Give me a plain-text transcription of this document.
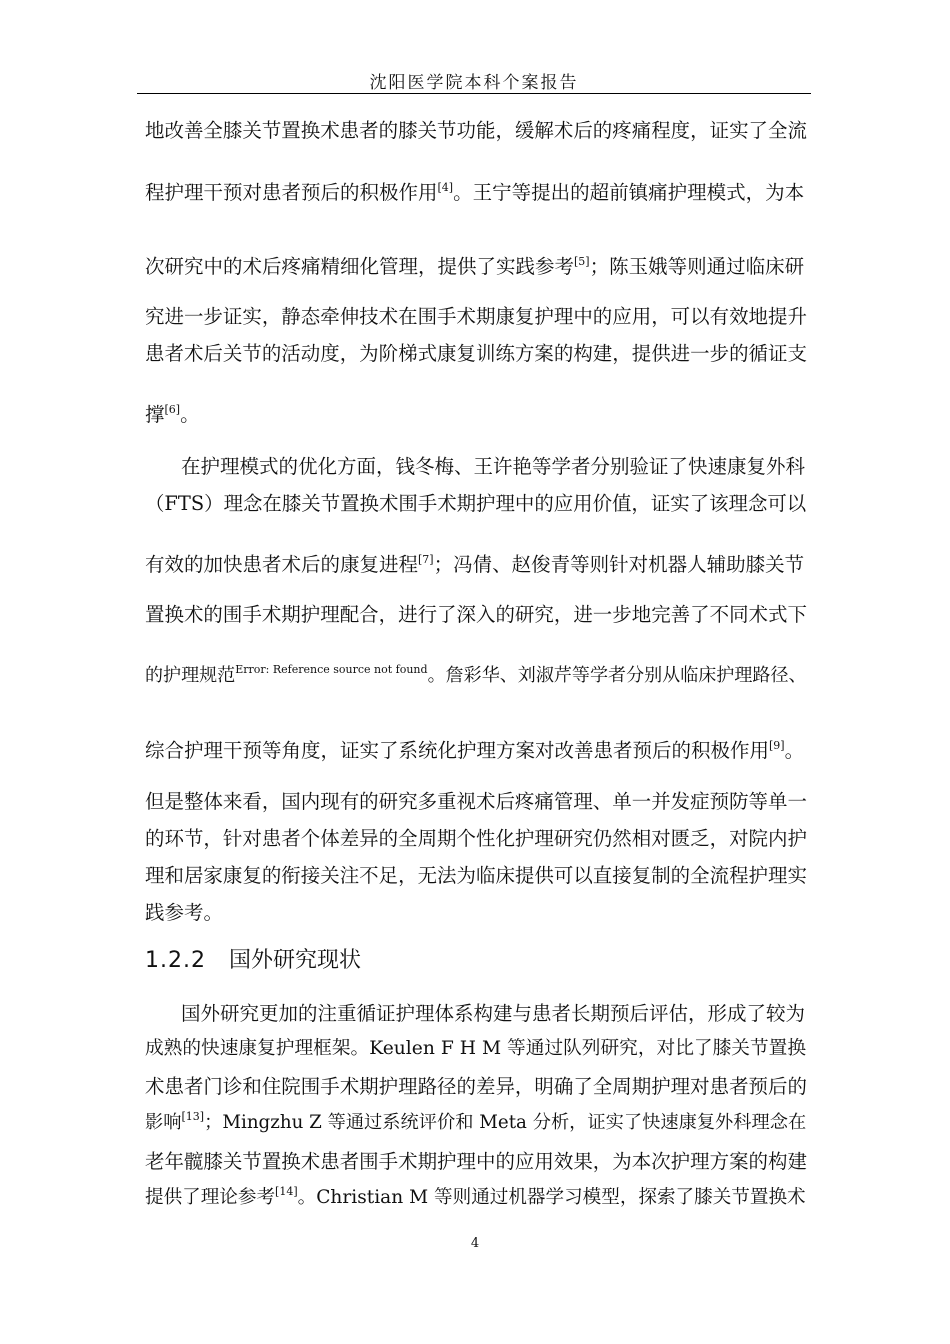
沈阳医学院本科个案报告
地改善全膝关节置换术患者的膝关节功能，缓解术后的疼痛程度，证实了全流
程护理干预对患者预后的积极作用[4]。王宁等提出的超前镇痛护理模式，为本
次研究中的术后疼痛精细化管理，提供了实践参考[5]；陈玉娥等则通过临床研
究进一步证实，静态牵伸技术在围手术期康复护理中的应用，可以有效地提升
患者术后关节的活动度，为阶梯式康复训练方案的构建，提供进一步的循证支
撑[6]。
在护理模式的优化方面，钱冬梅、王许艳等学者分别验证了快速康复外科
（FTS）理念在膝关节置换术围手术期护理中的应用价值，证实了该理念可以
有效的加快患者术后的康复进程[7]；冯倩、赵俊青等则针对机器人辅助膝关节
置换术的围手术期护理配合，进行了深入的研究，进一步地完善了不同术式下
的护理规范$^{Error: Reference source not found}$。詹彩华、刘淑芹等学者分别从临床护理路径、
综合护理干预等角度，证实了系统化护理方案对改善患者预后的积极作用[9]。
但是整体来看，国内现有的研究多重视术后疼痛管理、单一并发症预防等单一
的环节，针对患者个体差异的全周期个性化护理研究仍然相对匮乏，对院内护
理和居家康复的衔接关注不足，无法为临床提供可以直接复制的全流程护理实
践参考。
1.2.2 国外研究现状
国外研究更加的注重循证护理体系构建与患者长期预后评估，形成了较为
成熟的快速康复护理框架。Keulen F H M 等通过队列研究，对比了膝关节置换
术患者门诊和住院围手术期护理路径的差异，明确了全周期护理对患者预后的
影响[13]；Mingzhu Z 等通过系统评价和 Meta 分析，证实了快速康复外科理念在
老年髋膝关节置换术患者围手术期护理中的应用效果，为本次护理方案的构建
提供了理论参考[14]。Christian M 等则通过机器学习模型，探索了膝关节置换术
4
